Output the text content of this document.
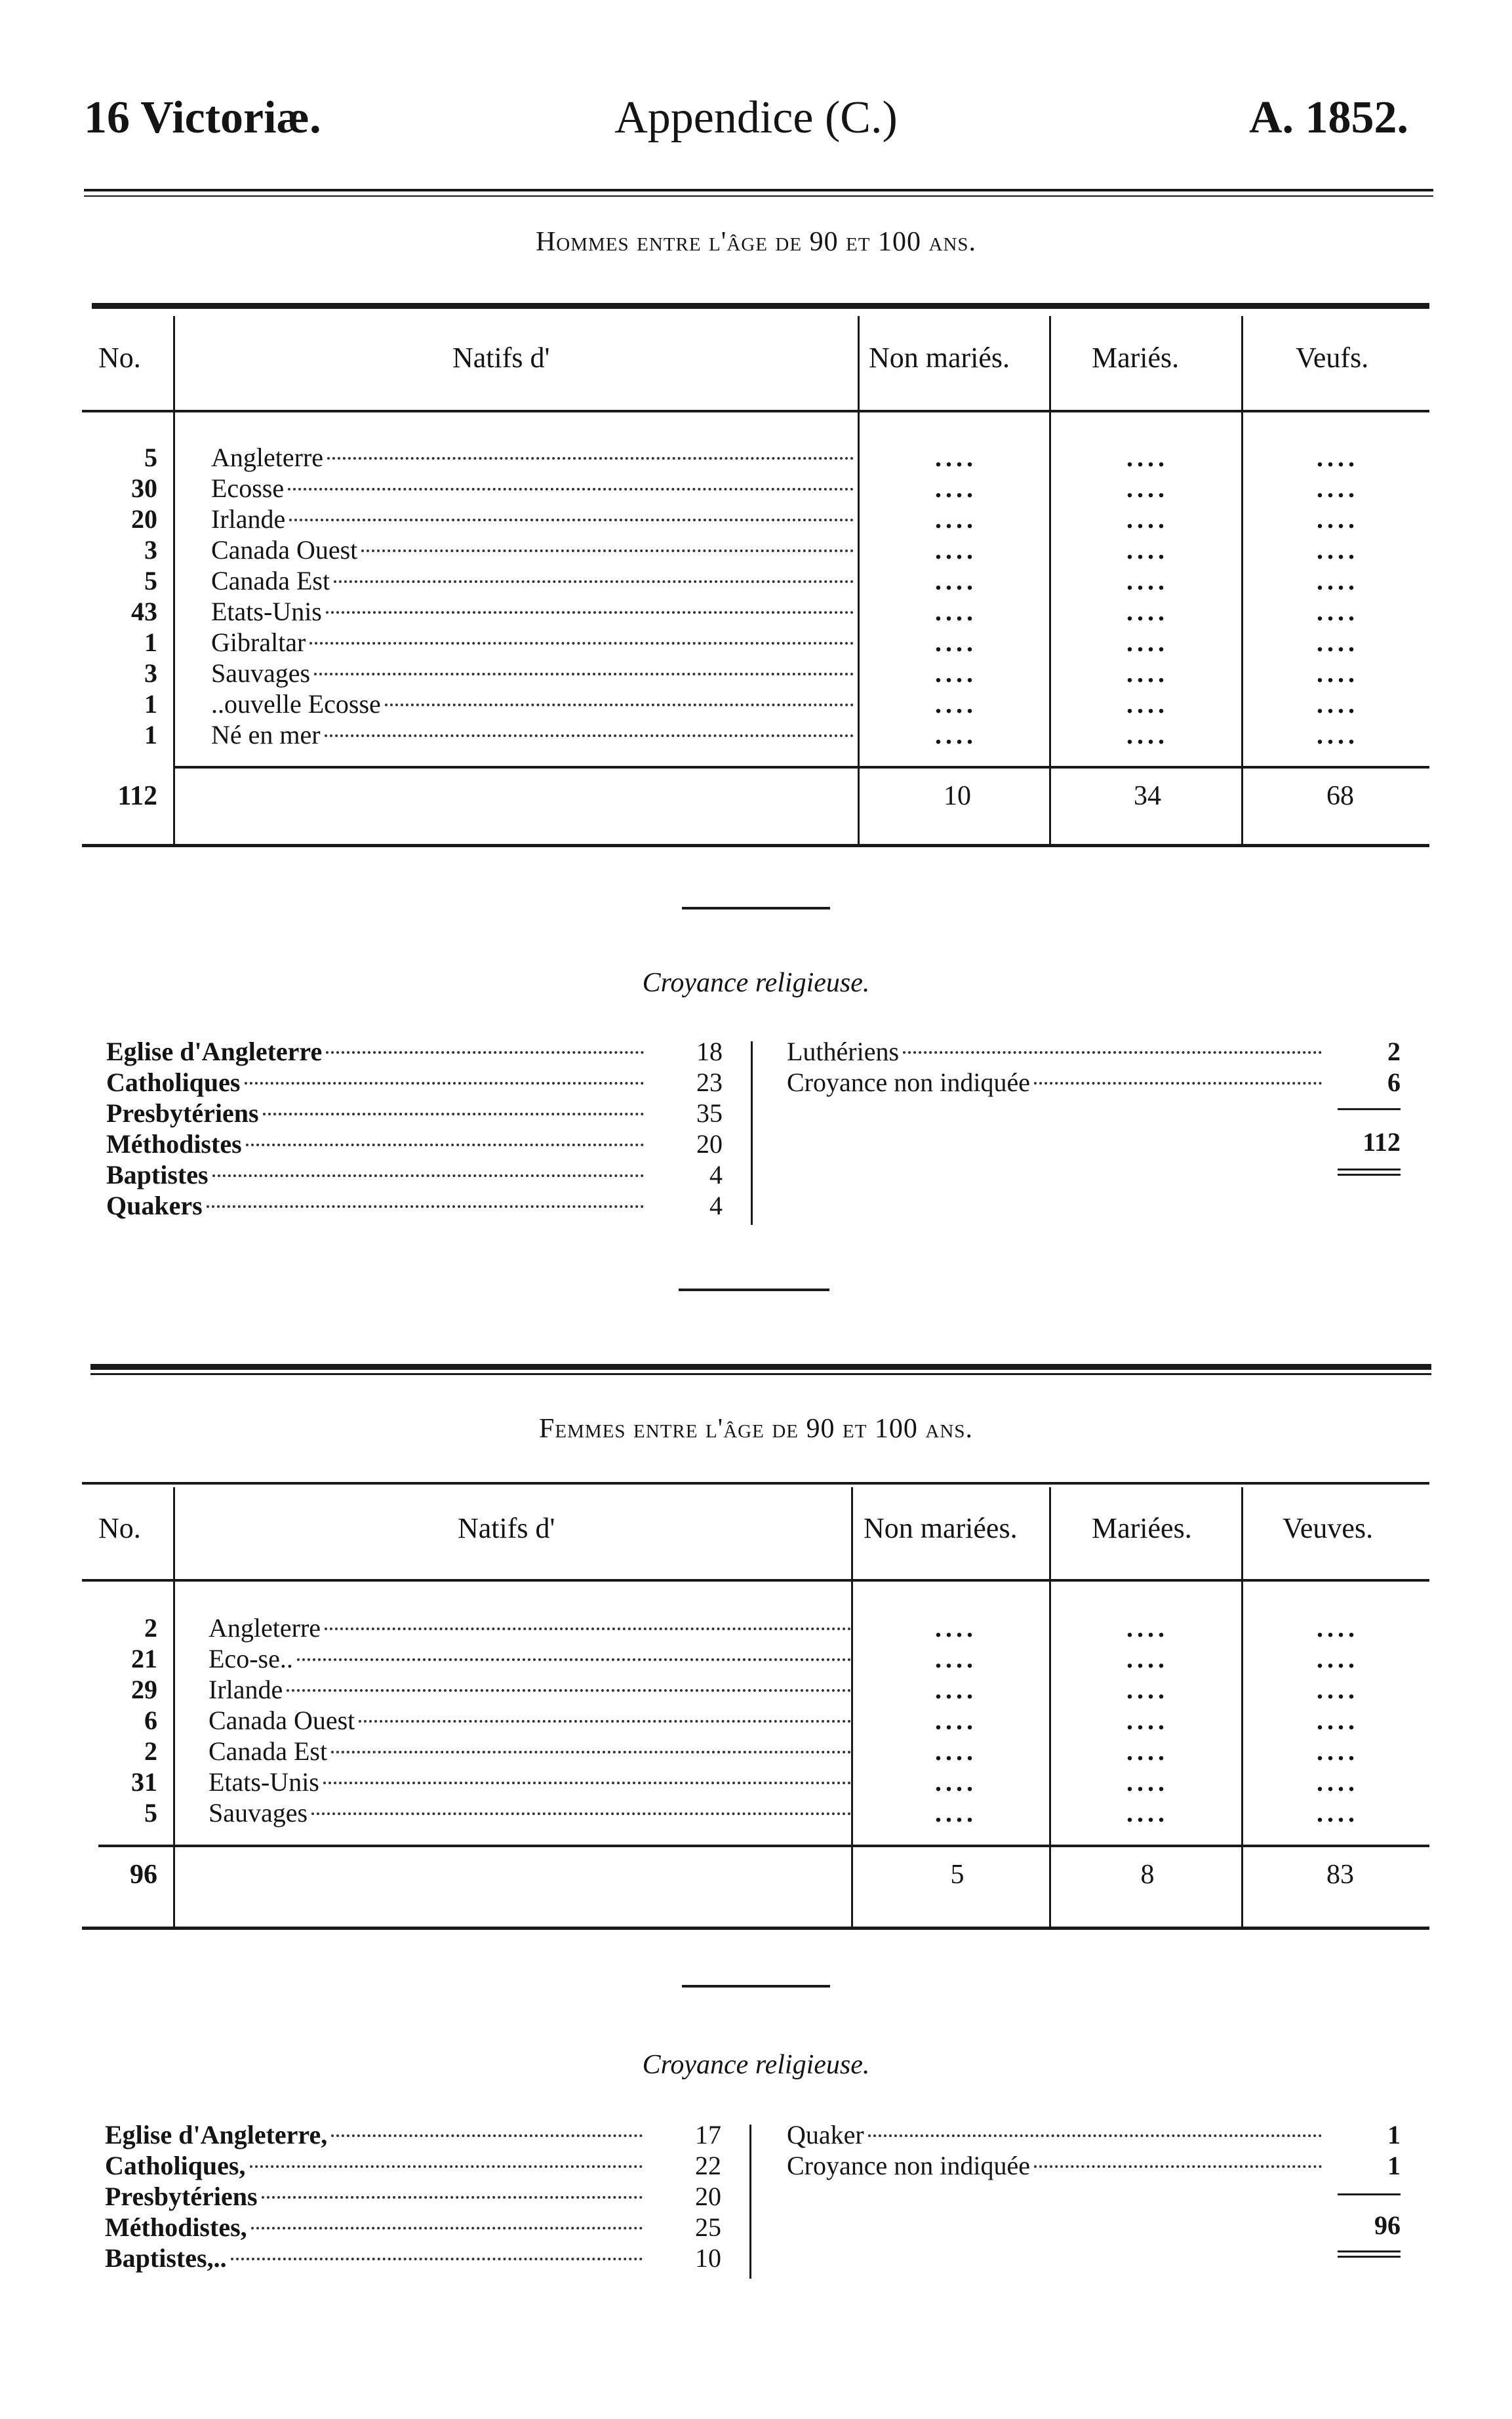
16 Victoriæ.	Appendice (C.)	A. 1852.
Hommes entre l'âge de 90 et 100 ans.
No.	Natifs d'	Non mariés.	Mariés.	Veufs.
5 Angleterre	....	....	....
30 Ecosse	....	....	....
20 Irlande	....	....	....
3 Canada Ouest	....	....	....
5 Canada Est	....	....	....
43 Etats-Unis	....	....	....
1 Gibraltar	....	....	....
3 Sauvages	....	....	....
1 ..ouvelle Ecosse	....	....	....
1 Né en mer	....	....	....
112	10	34	68
Croyance religieuse.
Eglise d'Angleterre	18
Catholiques	23
Presbytériens	35
Méthodistes	20
Baptistes	4
Quakers	4
Luthériens	2
Croyance non indiquée	6
112
Femmes entre l'âge de 90 et 100 ans.
No.	Natifs d'	Non mariées.	Mariées.	Veuves.
2 Angleterre	....	....	....
21 Eco-se..	....	....	....
29 Irlande	....	....	....
6 Canada Ouest	....	....	....
2 Canada Est	....	....	....
31 Etats-Unis	....	....	....
5 Sauvages	....	....	....
96	5	8	83
Croyance religieuse.
Eglise d'Angleterre,	17
Catholiques,	22
Presbytériens	20
Méthodistes,	25
Baptistes,..	10
Quaker	1
Croyance non indiquée	1
96
